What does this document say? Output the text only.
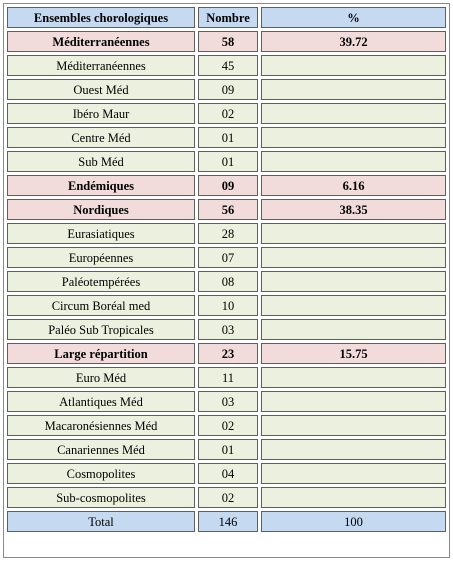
Ensembles chorologiques	Nombre	%
Méditerranéennes	58	39.72
Méditerranéennes	45	
Ouest Méd	09	
Ibéro Maur	02	
Centre Méd	01	
Sub Méd	01	
Endémiques	09	6.16
Nordiques	56	38.35
Eurasiatiques	28	
Européennes	07	
Paléotempérées	08	
Circum Boréal med	10	
Paléo Sub Tropicales	03	
Large répartition	23	15.75
Euro Méd	11	
Atlantiques Méd	03	
Macaronésiennes Méd	02	
Canariennes Méd	01	
Cosmopolites	04	
Sub-cosmopolites	02	
Total	146	100
